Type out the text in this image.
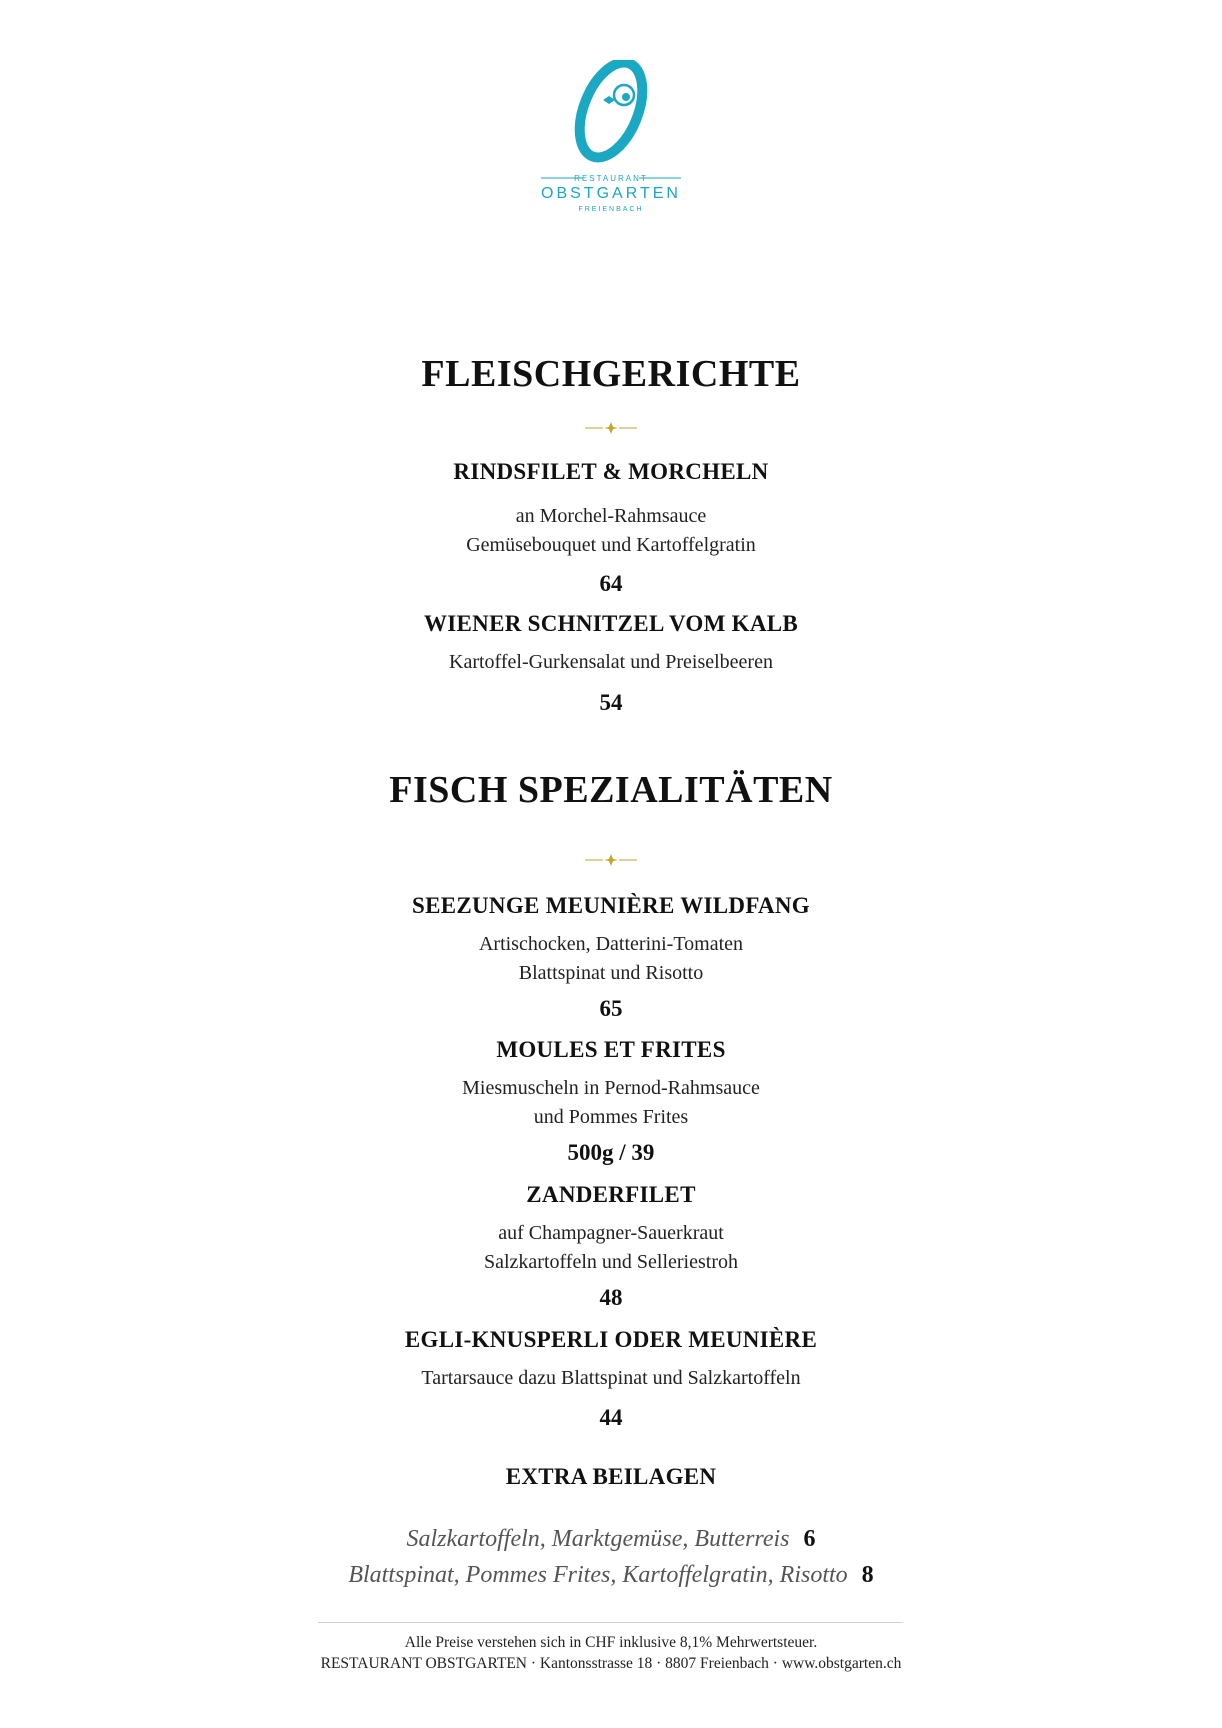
RESTAURANT
OBSTGARTEN
FREIENBACH
FLEISCHGERICHTE
RINDSFILET & MORCHELN
an Morchel-Rahmsauce
Gemüsebouquet und Kartoffelgratin
64
WIENER SCHNITZEL VOM KALB
Kartoffel-Gurkensalat und Preiselbeeren
54
FISCH SPEZIALITÄTEN
SEEZUNGE MEUNIÈRE WILDFANG
Artischocken, Datterini-Tomaten
Blattspinat und Risotto
65
MOULES ET FRITES
Miesmuscheln in Pernod-Rahmsauce
und Pommes Frites
500g / 39
ZANDERFILET
auf Champagner-Sauerkraut
Salzkartoffeln und Selleriestroh
48
EGLI-KNUSPERLI ODER MEUNIÈRE
Tartarsauce dazu Blattspinat und Salzkartoffeln
44
EXTRA BEILAGEN
Salzkartoffeln, Marktgemüse, Butterreis 6
Blattspinat, Pommes Frites, Kartoffelgratin, Risotto 8
Alle Preise verstehen sich in CHF inklusive 8,1% Mehrwertsteuer.
RESTAURANT OBSTGARTEN · Kantonsstrasse 18 · 8807 Freienbach · www.obstgarten.ch
